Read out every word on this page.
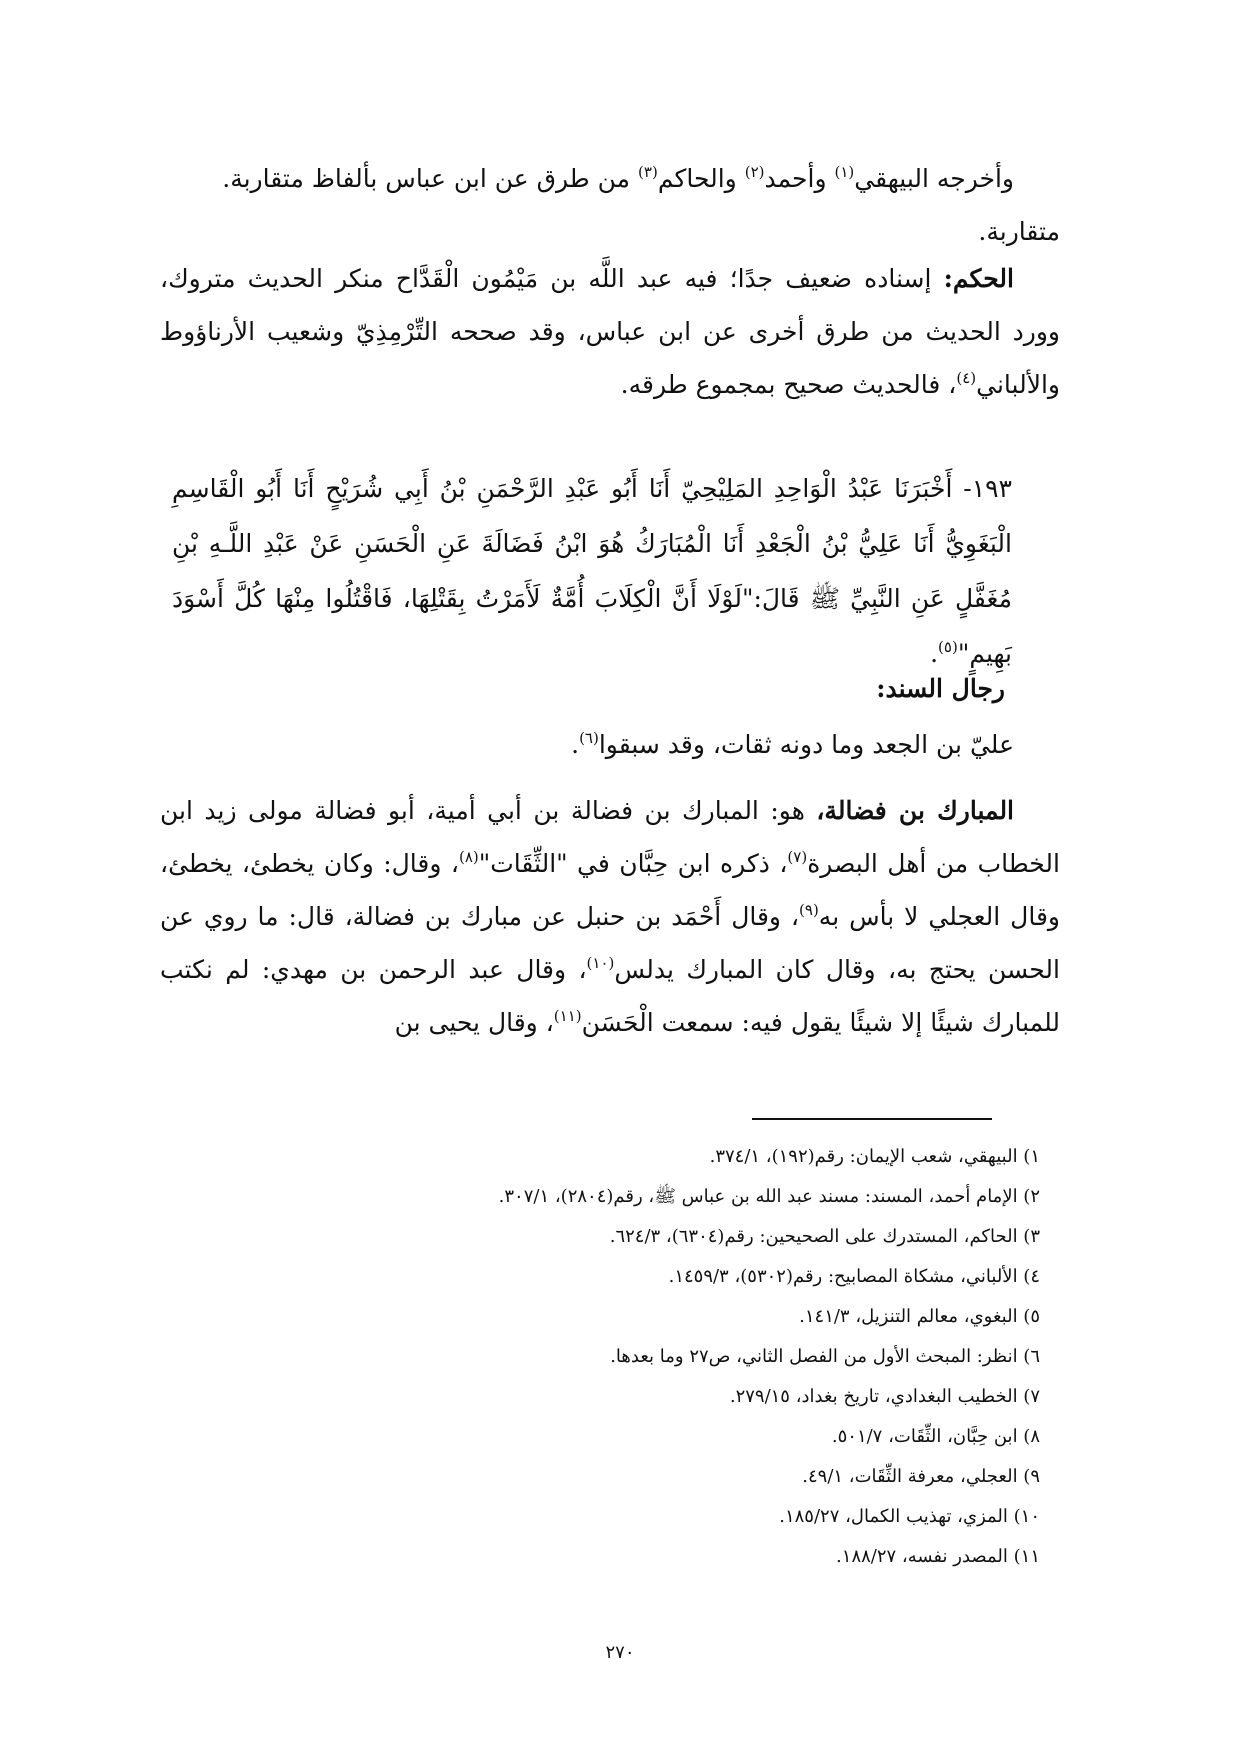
وأخرجه البيهقي$^{(١)}$ وأحمد$^{(٢)}$ والحاكم$^{(٣)}$ من طرق عن ابن عباس بألفاظ متقاربة.

متقاربة.

الحكم: إسناده ضعيف جدًا؛ فيه عبد اللَّه بن مَيْمُون الْقَدَّاح منكر الحديث متروك، وورد الحديث من طرق أخرى عن ابن عباس، وقد صححه التِّرْمِذِيّ وشعيب الأرناؤوط والألباني$^{(٤)}$، فالحديث صحيح بمجموع طرقه.

١٩٣- أَخْبَرَنَا عَبْدُ الْوَاحِدِ المَلِيْحِيّ أَنَا أَبُو عَبْدِ الرَّحْمَنِ بْنُ أَبِي شُرَيْحٍ أَنَا أَبُو الْقَاسِمِ الْبَغَوِيُّ أَنَا عَلِيُّ بْنُ الْجَعْدِ أَنَا الْمُبَارَكُ هُوَ ابْنُ فَضَالَةَ عَنِ الْحَسَنِ عَنْ عَبْدِ اللَّـهِ بْنِ مُغَفَّلٍ عَنِ النَّبِيِّ ﷺ قَالَ:"لَوْلَا أَنَّ الْكِلَابَ أُمَّةٌ لَأَمَرْتُ بِقَتْلِهَا، فَاقْتُلُوا مِنْهَا كُلَّ أَسْوَدَ بَهِيمٍ"$^{(٥)}$.

رجال السند:

عليّ بن الجعد وما دونه ثقات، وقد سبقوا$^{(٦)}$.

المبارك بن فضالة، هو: المبارك بن فضالة بن أبي أمية، أبو فضالة مولى زيد ابن الخطاب من أهل البصرة$^{(٧)}$، ذكره ابن حِبَّان في "الثِّقَات"$^{(٨)}$، وقال: وكان يخطئ، يخطئ، وقال العجلي لا بأس به$^{(٩)}$، وقال أَحْمَد بن حنبل عن مبارك بن فضالة، قال: ما روي عن الحسن يحتج به، وقال كان المبارك يدلس$^{(١٠)}$، وقال عبد الرحمن بن مهدي: لم نكتب للمبارك شيئًا إلا شيئًا يقول فيه: سمعت الْحَسَن$^{(١١)}$، وقال يحيى بن

١) البيهقي، شعب الإيمان: رقم(١٩٢)، ٣٧٤/١.
٢) الإمام أحمد، المسند: مسند عبد الله بن عباس ﷺ، رقم(٢٨٠٤)، ٣٠٧/١.
٣) الحاكم، المستدرك على الصحيحين: رقم(٦٣٠٤)، ٦٢٤/٣.
٤) الألباني، مشكاة المصابيح: رقم(٥٣٠٢)، ١٤٥٩/٣.
٥) البغوي، معالم التنزيل، ١٤١/٣.
٦) انظر: المبحث الأول من الفصل الثاني، ص٢٧ وما بعدها.
٧) الخطيب البغدادي، تاريخ بغداد، ٢٧٩/١٥.
٨) ابن حِبَّان، الثِّقَات، ٥٠١/٧.
٩) العجلي، معرفة الثِّقَات، ٤٩/١.
١٠) المزي، تهذيب الكمال، ١٨٥/٢٧.
١١) المصدر نفسه، ١٨٨/٢٧.
٢٧٠
